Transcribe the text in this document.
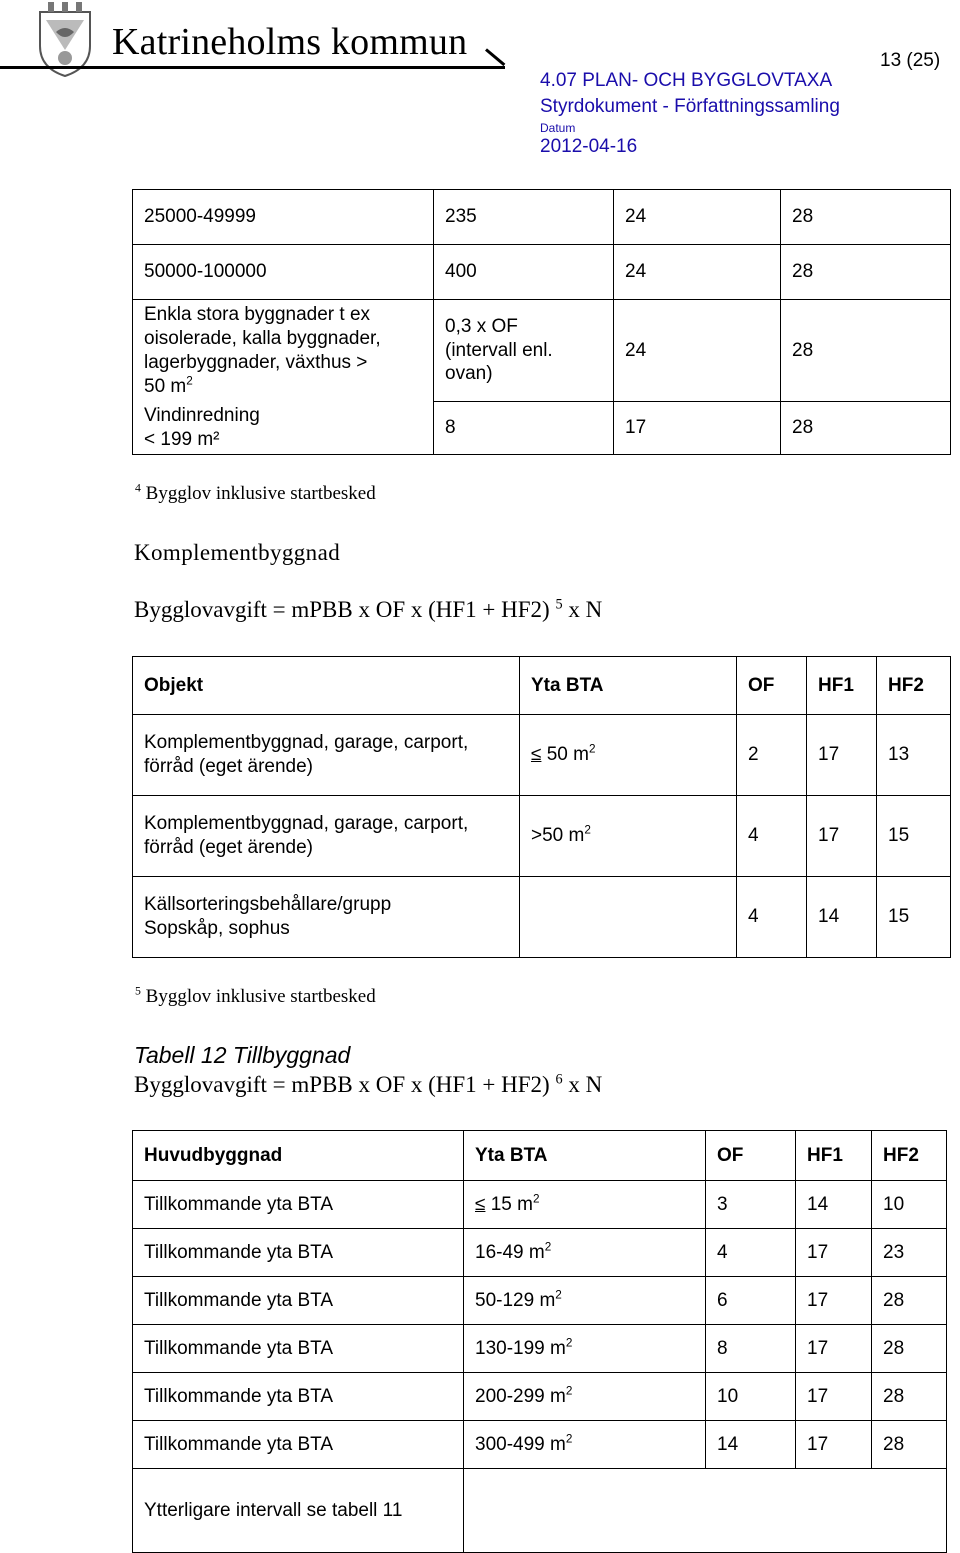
Katrineholms kommun	13 (25)
4.07 PLAN- OCH BYGGLOVTAXA
Styrdokument - Författningssamling
Datum
2012-04-16
25000-49999	235	24	28
50000-100000	400	24	28
Enkla stora byggnader t ex
oisolerade, kalla byggnader,
lagerbyggnader, växthus >
50 $m^2$	0,3 x OF
(intervall enl.
ovan)	24	28
Vindinredning
< 199 m²	8	17	28
$^4$ Bygglov inklusive startbesked
Komplementbyggnad
Bygglovavgift = mPBB x OF x (HF1 + HF2) $^5$ x N
Objekt	Yta BTA	OF	HF1	HF2
Komplementbyggnad, garage, carport,
förråd (eget ärende)	≤ 50 $m^2$	2	17	13
Komplementbyggnad, garage, carport,
förråd (eget ärende)	>50 $m^2$	4	17	15
Källsorteringsbehållare/grupp
Sopskåp, sophus		4	14	15
$^5$ Bygglov inklusive startbesked
Tabell 12 Tillbyggnad
Bygglovavgift = mPBB x OF x (HF1 + HF2) $^6$ x N
Huvudbyggnad	Yta BTA	OF	HF1	HF2
Tillkommande yta BTA	≤ 15 $m^2$	3	14	10
Tillkommande yta BTA	16-49 $m^2$	4	17	23
Tillkommande yta BTA	50-129 $m^2$	6	17	28
Tillkommande yta BTA	130-199 $m^2$	8	17	28
Tillkommande yta BTA	200-299 $m^2$	10	17	28
Tillkommande yta BTA	300-499 $m^2$	14	17	28
Ytterligare intervall se tabell 11				
